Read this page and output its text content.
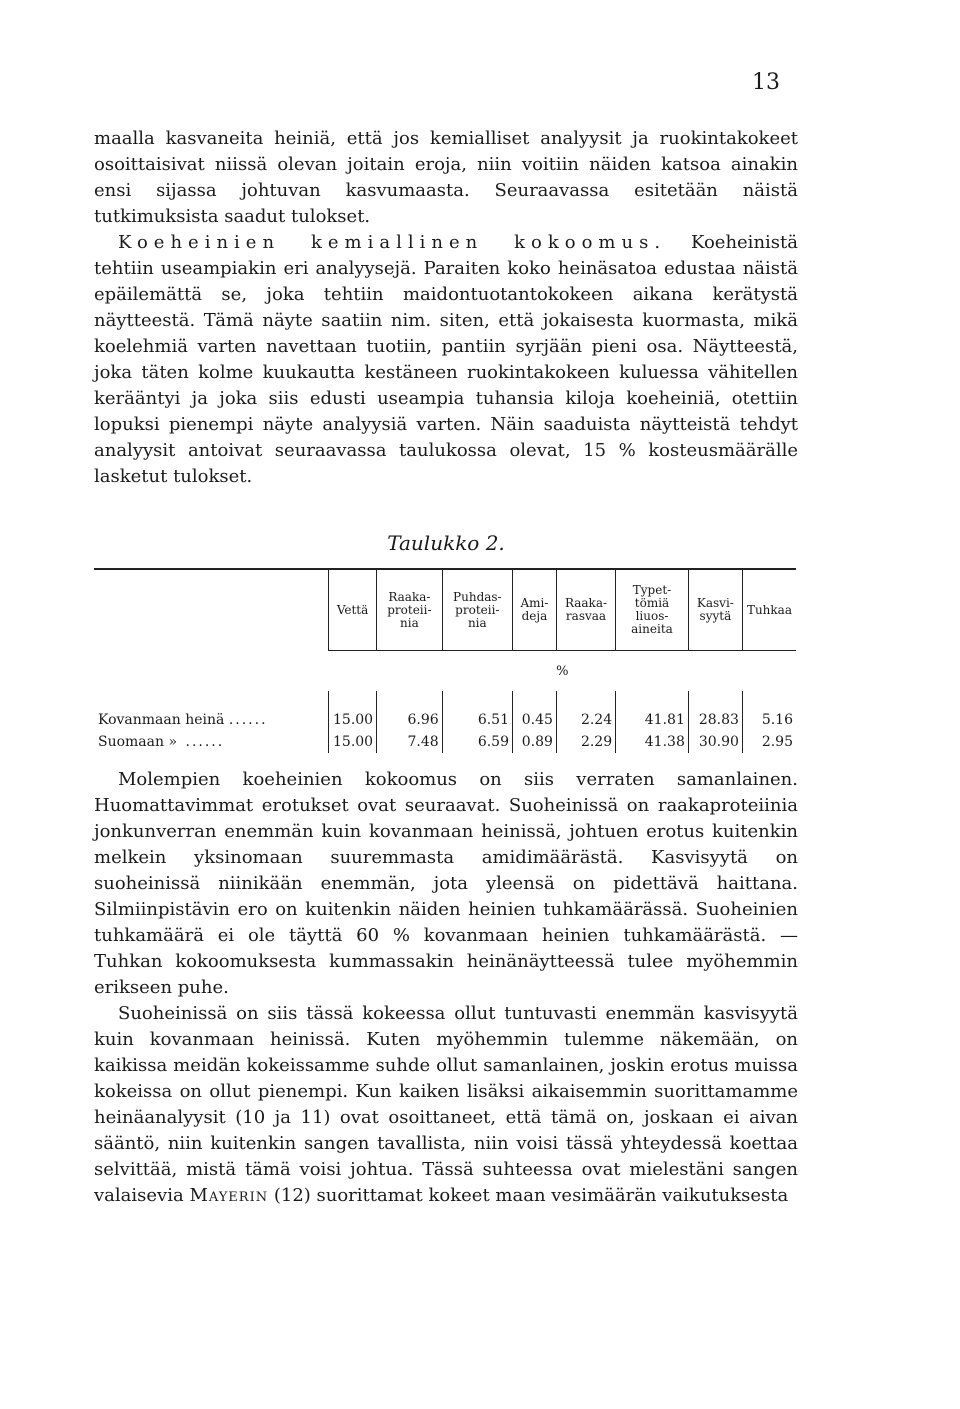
13

maalla kasvaneita heiniä, että jos kemialliset analyysit ja ruokintakokeet osoittaisivat niissä olevan joitain eroja, niin voitiin näiden katsoa ainakin ensi sijassa johtuvan kasvumaasta. Seuraavassa esitetään näistä tutkimuksista saadut tulokset.

Koeheinien kemiallinen kokoomus. Koeheinistä tehtiin useampiakin eri analyysejä. Paraiten koko heinäsatoa edustaa näistä epäilemättä se, joka tehtiin maidontuotantokokeen aikana kerätystä näytteestä. Tämä näyte saatiin nim. siten, että jokaisesta kuormasta, mikä koelehmiä varten navettaan tuotiin, pantiin syrjään pieni osa. Näytteestä, joka täten kolme kuukautta kestäneen ruokintakokeen kuluessa vähitellen kerääntyi ja joka siis edusti useampia tuhansia kiloja koeheiniä, otettiin lopuksi pienempi näyte analyysiä varten. Näin saaduista näytteistä tehdyt analyysit antoivat seuraavassa taulukossa olevat, 15 % kosteusmäärälle lasketut tulokset.

Taulukko 2.
	Vettä	Raaka-proteii-nia	Puhdas-proteii-nia	Ami-deja	Raaka-rasvaa	Typet-tömiä liuos-aineita	Kasvi-syytä	Tuhkaa
	%							
Kovanmaan heinä ......	15.00	6.96	6.51	0.45	2.24	41.81	28.83	5.16
Suomaan » ......	15.00	7.48	6.59	0.89	2.29	41.38	30.90	2.95

Molempien koeheinien kokoomus on siis verraten samanlainen. Huomattavimmat erotukset ovat seuraavat. Suoheinissä on raakaproteiinia jonkunverran enemmän kuin kovanmaan heinissä, johtuen erotus kuitenkin melkein yksinomaan suuremmasta amidimäärästä. Kasvisyytä on suoheinissä niinikään enemmän, jota yleensä on pidettävä haittana. Silmiinpistävin ero on kuitenkin näiden heinien tuhkamäärässä. Suoheinien tuhkamäärä ei ole täyttä 60 % kovanmaan heinien tuhkamäärästä. — Tuhkan kokoomuksesta kummassakin heinänäytteessä tulee myöhemmin erikseen puhe.

Suoheinissä on siis tässä kokeessa ollut tuntuvasti enemmän kasvisyytä kuin kovanmaan heinissä. Kuten myöhemmin tulemme näkemään, on kaikissa meidän kokeissamme suhde ollut samanlainen, joskin erotus muissa kokeissa on ollut pienempi. Kun kaiken lisäksi aikaisemmin suorittamamme heinäanalyysit (10 ja 11) ovat osoittaneet, että tämä on, joskaan ei aivan sääntö, niin kuitenkin sangen tavallista, niin voisi tässä yhteydessä koettaa selvittää, mistä tämä voisi johtua. Tässä suhteessa ovat mielestäni sangen valaisevia Mayerin (12) suorittamat kokeet maan vesimäärän vaikutuksesta
